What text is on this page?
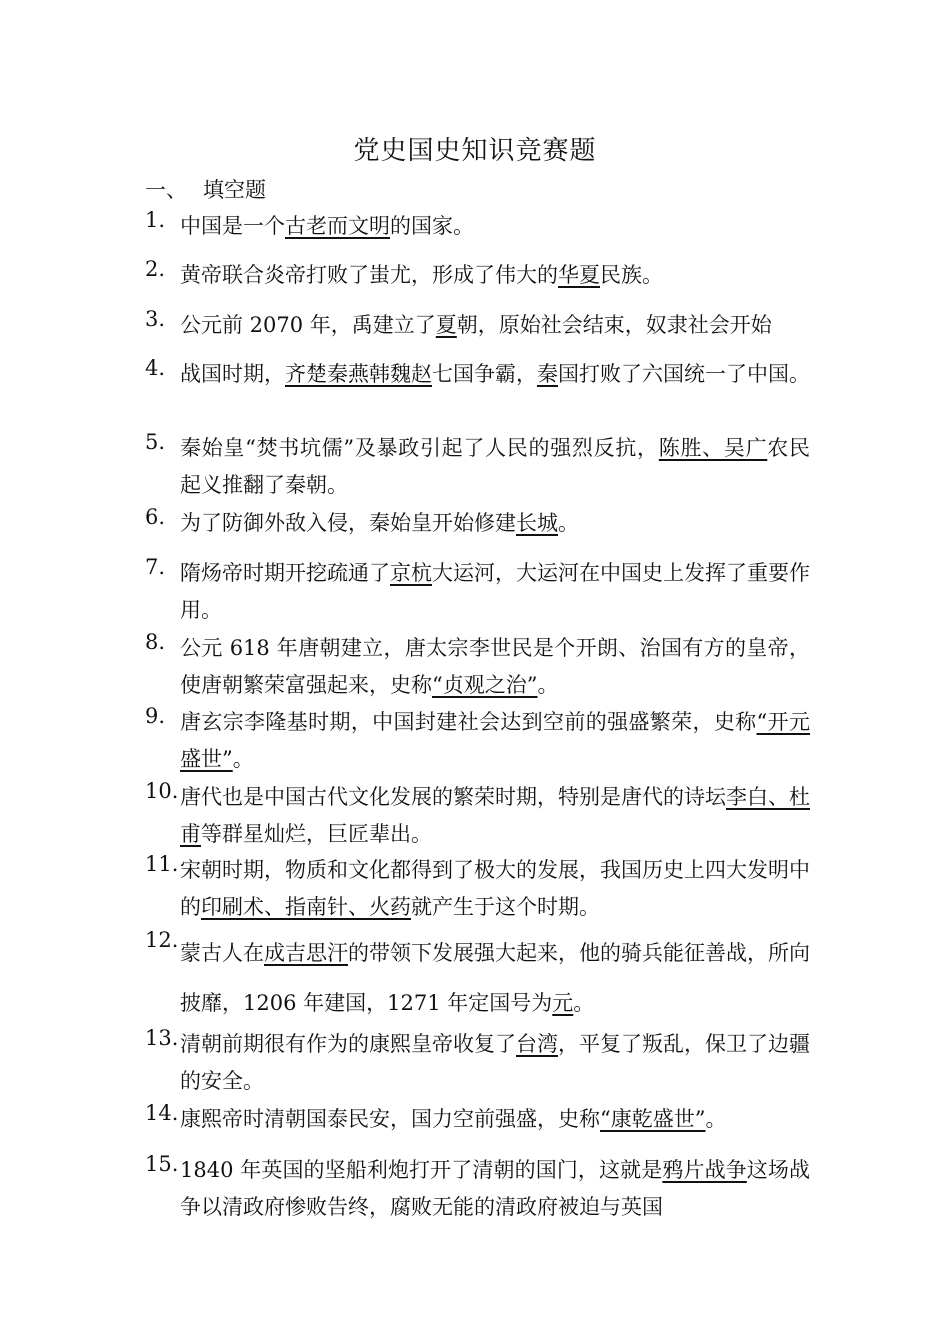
党史国史知识竞赛题
一、 填空题
1. 中国是一个古老而文明的国家。
2. 黄帝联合炎帝打败了蚩尤，形成了伟大的华夏民族。
3. 公元前 2070 年，禹建立了夏朝，原始社会结束，奴隶社会开始
4. 战国时期，齐楚秦燕韩魏赵七国争霸，秦国打败了六国统一了中国。
5. 秦始皇“焚书坑儒”及暴政引起了人民的强烈反抗，陈胜、吴广农民起义推翻了秦朝。
6. 为了防御外敌入侵，秦始皇开始修建长城。
7. 隋炀帝时期开挖疏通了京杭大运河，大运河在中国史上发挥了重要作用。
8. 公元 618 年唐朝建立，唐太宗李世民是个开朗、治国有方的皇帝，使唐朝繁荣富强起来，史称“贞观之治”。
9. 唐玄宗李隆基时期，中国封建社会达到空前的强盛繁荣，史称“开元盛世”。
10. 唐代也是中国古代文化发展的繁荣时期，特别是唐代的诗坛李白、杜甫等群星灿烂，巨匠辈出。
11. 宋朝时期，物质和文化都得到了极大的发展，我国历史上四大发明中的印刷术、指南针、火药就产生于这个时期。
12.
蒙古人在成吉思汗的带领下发展强大起来，他的骑兵能征善战，所向披靡，1206 年建国，1271 年定国号为元。
13. 清朝前期很有作为的康熙皇帝收复了台湾，平复了叛乱，保卫了边疆的安全。
14. 康熙帝时清朝国泰民安，国力空前强盛，史称“康乾盛世”。
15. 1840 年英国的坚船利炮打开了清朝的国门，这就是鸦片战争这场战争以清政府惨败告终，腐败无能的清政府被迫与英国
